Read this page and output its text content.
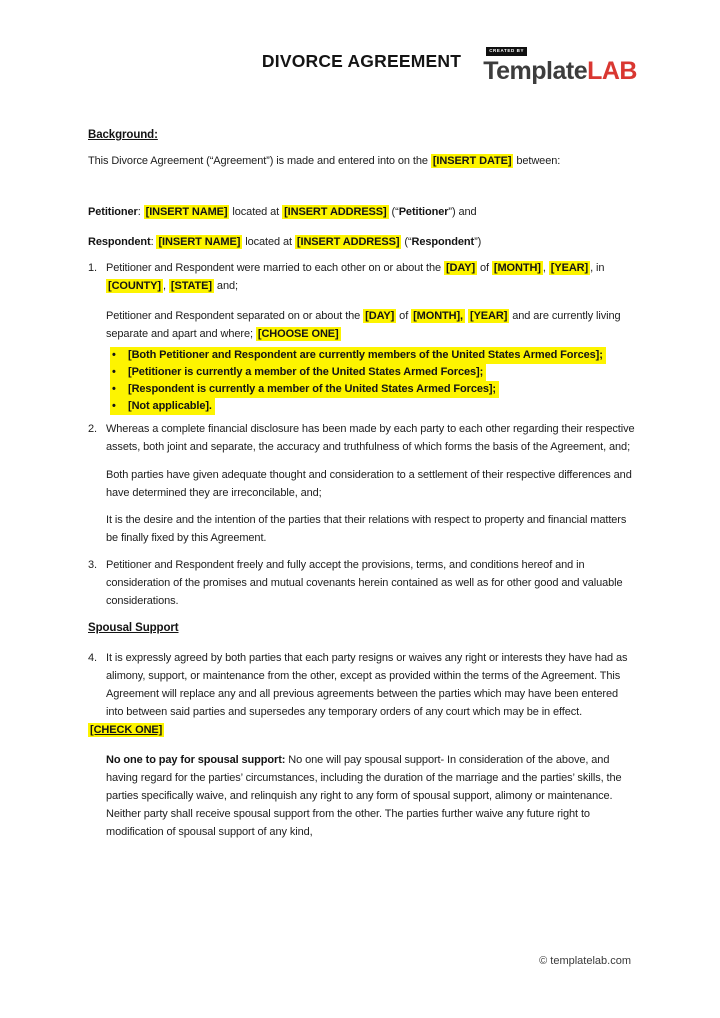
CREATED BY
TemplateLAB
DIVORCE AGREEMENT
Background:

This Divorce Agreement (“Agreement”) is made and entered into on the [INSERT DATE] between:

Petitioner: [INSERT NAME] located at [INSERT ADDRESS] (“Petitioner”) and

Respondent: [INSERT NAME] located at [INSERT ADDRESS] (“Respondent”)

1. Petitioner and Respondent were married to each other on or about the [DAY] of [MONTH] , [YEAR] , in [COUNTY] , [STATE] and;

Petitioner and Respondent separated on or about the [DAY] of [MONTH], [YEAR] and are currently living separate and apart and where; [CHOOSE ONE]

• [Both Petitioner and Respondent are currently members of the United States Armed Forces];
• [Petitioner is currently a member of the United States Armed Forces];
• [Respondent is currently a member of the United States Armed Forces];
• [Not applicable].
2. Whereas a complete financial disclosure has been made by each party to each other regarding their respective assets, both joint and separate, the accuracy and truthfulness of which forms the basis of the Agreement, and;

Both parties have given adequate thought and consideration to a settlement of their respective differences and have determined they are irreconcilable, and;

It is the desire and the intention of the parties that their relations with respect to property and financial matters be finally fixed by this Agreement.

3. Petitioner and Respondent freely and fully accept the provisions, terms, and conditions hereof and in consideration of the promises and mutual covenants herein contained as well as for other good and valuable considerations.

Spousal Support
4. It is expressly agreed by both parties that each party resigns or waives any right or interests they have had as alimony, support, or maintenance from the other, except as provided within the terms of the Agreement. This Agreement will replace any and all previous agreements between the parties which may have been entered into between said parties and supersedes any temporary orders of any court which may be in effect.

[CHECK ONE]

No one to pay for spousal support: No one will pay spousal support- In consideration of the above, and having regard for the parties’ circumstances, including the duration of the marriage and the parties’ skills, the parties specifically waive, and relinquish any right to any form of spousal support, alimony or maintenance. Neither party shall receive spousal support from the other. The parties further waive any future right to modification of spousal support of any kind,

© templatelab.com
